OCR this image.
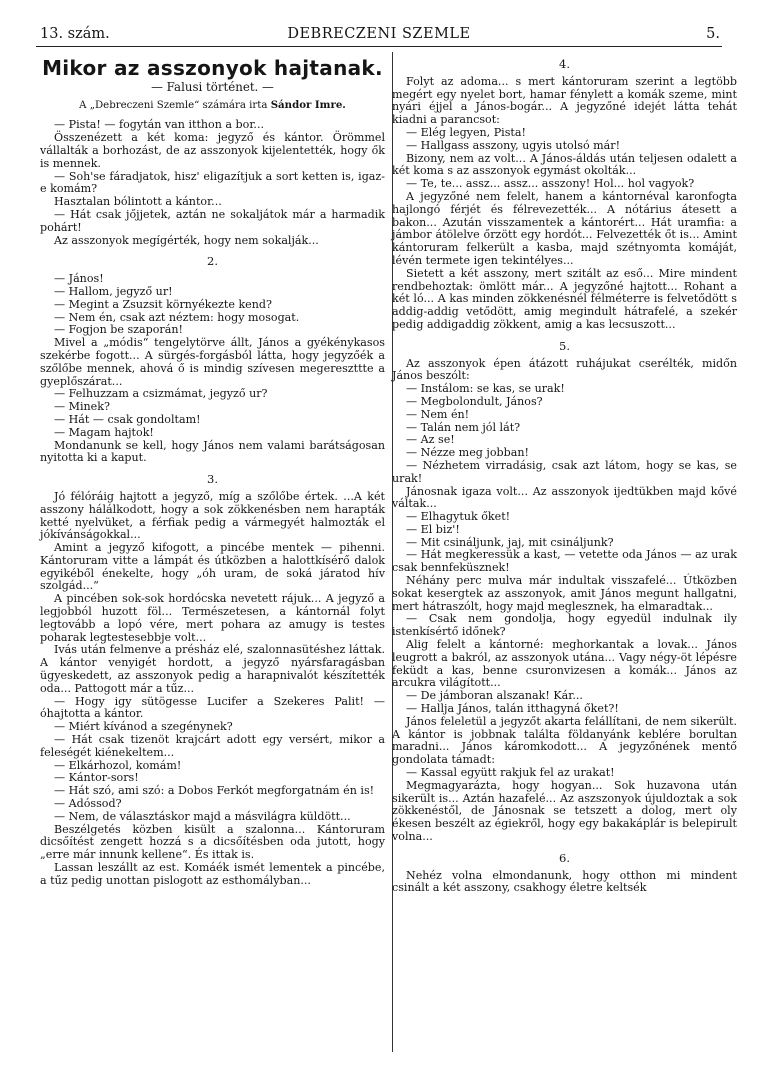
13. szám.	DEBRECZENI SZEMLE	5.
Mikor az asszonyok hajtanak.
— Falusi történet. —
A „Debreczeni Szemle“ számára irta Sándor Imre.

— Pista! — fogytán van itthon a bor...

Összenézett a két koma: jegyző és kántor. Örömmel vállalták a borhozást, de az asszonyok kijelentették, hogy ők is mennek.

— Soh'se fáradjatok, hisz' eligazítjuk a sort ketten is, igaz-e komám?

Hasztalan bólintott a kántor...

— Hát csak jőjjetek, aztán ne sokaljátok már a harmadik pohárt!

Az asszonyok megígérték, hogy nem sokalják...

2.

— János!

— Hallom, jegyző ur!

— Megint a Zsuzsit környékezte kend?

— Nem én, csak azt néztem: hogy mosogat.

— Fogjon be szaporán!

Mivel a „módis“ tengelytörve állt, János a gyékénykasos szekérbe fogott... A sürgés-forgásból látta, hogy jegyzőék a szőlőbe mennek, ahová ő is mindig szívesen megereszttte a gyeplőszárat...

— Felhuzzam a csizmámat, jegyző ur?

— Minek?

— Hát — csak gondoltam!

— Magam hajtok!

Mondanunk se kell, hogy János nem valami barátságosan nyitotta ki a kaput.

3.

Jó félóráig hajtott a jegyző, míg a szőlőbe értek. ...A két asszony hálálkodott, hogy a sok zökkenésben nem harapták ketté nyelvüket, a férfiak pedig a vármegyét halmozták el jókívánságokkal...

Amint a jegyző kifogott, a pincébe mentek — pihenni. Kántoruram vitte a lámpát és útközben a halottkísérő dalok egyikéből énekelte, hogy „óh uram, de soká járatod hív szolgád...“

A pincében sok-sok hordócska nevetett rájuk... A jegyző a legjobból huzott föl... Természetesen, a kántornál folyt legtovább a lopó vére, mert pohara az amugy is testes poharak legtestesebbje volt...

Ivás után felmenve a présház elé, szalonnasütéshez láttak. A kántor venyigét hordott, a jegyző nyársfaragásban ügyeskedett, az asszonyok pedig a harapnivalót készítették oda... Pattogott már a tűz...

— Hogy igy sütögesse Lucifer a Szekeres Palit! — óhajtotta a kántor.

— Miért kívánod a szegénynek?

— Hát csak tizenöt krajcárt adott egy versért, mikor a feleségét kiénekeltem...

— Elkárhozol, komám!

— Kántor-sors!

— Hát szó, ami szó: a Dobos Ferkót megforgatnám én is!

— Adóssod?

— Nem, de választáskor majd a másvilágra küldött...

Beszélgetés közben kisült a szalonna... Kántoruram dicsőítést zengett hozzá s a dicsőítésben oda jutott, hogy „erre már innunk kellene“. És ittak is.

Lassan leszállt az est. Komáék ismét lementek a pincébe, a tűz pedig unottan pislogott az esthomályban...

4.

Folyt az adoma... s mert kántoruram szerint a legtöbb megért egy nyelet bort, hamar fénylett a komák szeme, mint nyári éjjel a János-bogár... A jegyzőné idejét látta tehát kiadni a parancsot:

— Elég legyen, Pista!

— Hallgass asszony, ugyis utolsó már!

Bizony, nem az volt... A János-áldás után teljesen odalett a két koma s az asszonyok egymást okolták...

— Te, te... assz... assz... asszony! Hol... hol vagyok?

A jegyzőné nem felelt, hanem a kántornéval karonfogta hajlongó férjét és félrevezették... A nótárius átesett a bakon... Azután visszamentek a kántorért... Hát uramfia: a jámbor átölelve őrzött egy hordót... Felvezették őt is... Amint kántoruram felkerült a kasba, majd szétnyomta komáját, lévén termete igen tekintélyes...

Sietett a két asszony, mert szitált az eső... Mire mindent rendbehoztak: ömlött már... A jegyzőné hajtott... Rohant a két ló... A kas minden zökkenésnél félméterre is felvetődött s addig-addig vetődött, amig megindult hátrafelé, a szekér pedig addigaddig zökkent, amig a kas lecsuszott...

5.

Az asszonyok épen átázott ruhájukat cserélték, midőn János beszólt:

— Instálom: se kas, se urak!

— Megbolondult, János?

— Nem én!

— Talán nem jól lát?

— Az se!

— Nézze meg jobban!

— Nézhetem virradásig, csak azt látom, hogy se kas, se urak!

Jánosnak igaza volt... Az asszonyok ijedtükben majd kővé váltak...

— Elhagytuk őket!

— El biz'!

— Mit csináljunk, jaj, mit csináljunk?

— Hát megkeressük a kast, — vetette oda János — az urak csak bennfeküsznek!

Néhány perc mulva már indultak visszafelé... Útközben sokat kesergtek az asszonyok, amit János megunt hallgatni, mert hátraszólt, hogy majd meglesznek, ha elmaradtak...

— Csak nem gondolja, hogy egyedül indulnak ily istenkísértő időnek?

Alig felelt a kántorné: meghorkantak a lovak... János leugrott a bakról, az asszonyok utána... Vagy négy-öt lépésre feküdt a kas, benne csuronvizesen a komák... János az arcukra világított...

— De jámboran alszanak! Kár...

— Hallja János, talán itthagyná őket?!

János feleletül a jegyzőt akarta felállítani, de nem sikerült. A kántor is jobbnak találta földanyánk keblére borultan maradni... János káromkodott... A jegyzőnének mentő gondolata támadt:

— Kassal együtt rakjuk fel az urakat!

Megmagyarázta, hogy hogyan... Sok huzavona után sikerült is... Aztán hazafelé... Az aszszonyok újuldoztak a sok zökkenéstől, de Jánosnak se tetszett a dolog, mert oly ékesen beszélt az égiekről, hogy egy bakakáplár is belepirult volna...

6.

Nehéz volna elmondanunk, hogy otthon mi mindent csinált a két asszony, csakhogy életre keltsék
